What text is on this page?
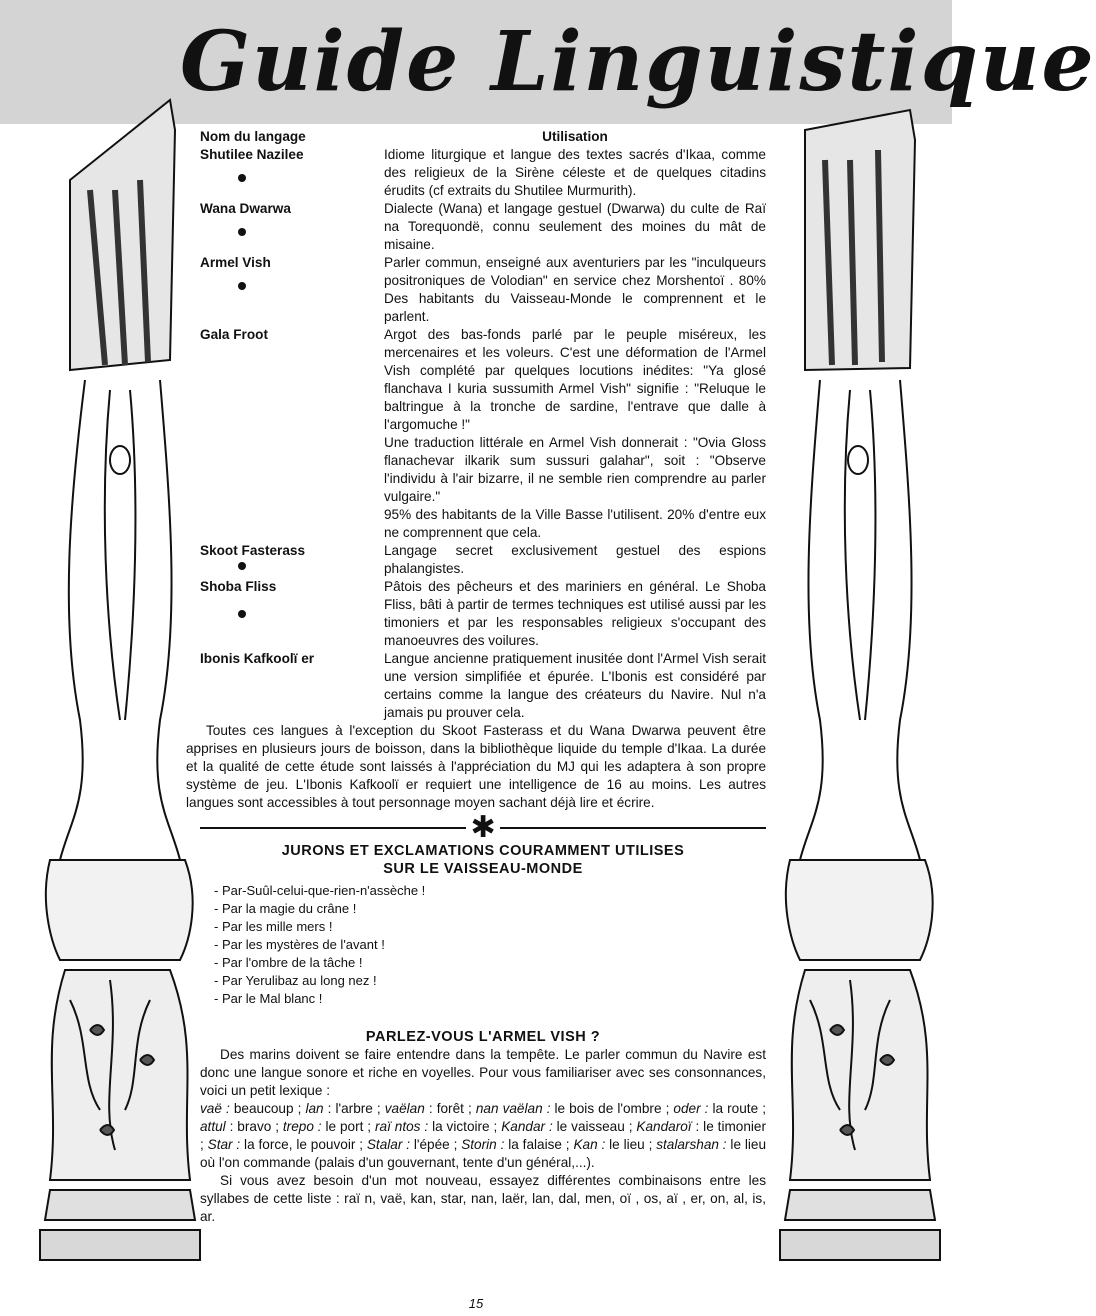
Guide Linguistique
Nom du langage	Utilisation
Shutilee Nazilee	Idiome liturgique et langue des textes sacrés d'Ikaa, comme des religieux de la Sirène céleste et de quelques citadins érudits (cf extraits du Shutilee Murmurith).
Wana Dwarwa	Dialecte (Wana) et langage gestuel (Dwarwa) du culte de Raï na Torequondë, connu seulement des moines du mât de misaine.
Armel Vish	Parler commun, enseigné aux aventuriers par les "inculqueurs positroniques de Volodian" en service chez Morshentoï . 80% Des habitants du Vaisseau-Monde le comprennent et le parlent.
Gala Froot	Argot des bas-fonds parlé par le peuple miséreux, les mercenaires et les voleurs. C'est une déformation de l'Armel Vish complété par quelques locutions inédites: "Ya glosé flanchava I kuria sussumith Armel Vish" signifie : "Reluque le baltringue à la tronche de sardine, l'entrave que dalle à l'argomuche !"
Une traduction littérale en Armel Vish donnerait : "Ovia Gloss flanachevar ilkarik sum sussuri galahar", soit : "Observe l'individu à l'air bizarre, il ne semble rien comprendre au parler vulgaire."
95% des habitants de la Ville Basse l'utilisent. 20% d'entre eux ne comprennent que cela.
Skoot Fasterass	Langage secret exclusivement gestuel des espions phalangistes.
Shoba Fliss	Pâtois des pêcheurs et des mariniers en général. Le Shoba Fliss, bâti à partir de termes techniques est utilisé aussi par les timoniers et par les responsables religieux s'occupant des manoeuvres des voilures.
Ibonis Kafkoolï er	Langue ancienne pratiquement inusitée dont l'Armel Vish serait une version simplifiée et épurée. L'Ibonis est considéré par certains comme la langue des créateurs du Navire. Nul n'a jamais pu prouver cela.

Toutes ces langues à l'exception du Skoot Fasterass et du Wana Dwarwa peuvent être apprises en plusieurs jours de boisson, dans la bibliothèque liquide du temple d'Ikaa. La durée et la qualité de cette étude sont laissés à l'appréciation du MJ qui les adaptera à son propre système de jeu. L'Ibonis Kafkoolï er requiert une intelligence de 16 au moins. Les autres langues sont accessibles à tout personnage moyen sachant déjà lire et écrire.

✱
JURONS ET EXCLAMATIONS COURAMMENT UTILISES
SUR LE VAISSEAU-MONDE
- Par-Suûl-celui-que-rien-n'assèche !
- Par la magie du crâne !
- Par les mille mers !
- Par les mystères de l'avant !
- Par l'ombre de la tâche !
- Par Yerulibaz au long nez !
- Par le Mal blanc !
PARLEZ-VOUS L'ARMEL VISH ?

Des marins doivent se faire entendre dans la tempête. Le parler commun du Navire est donc une langue sonore et riche en voyelles. Pour vous familiariser avec ses consonnances, voici un petit lexique :

vaë : beaucoup ; lan : l'arbre ; vaëlan : forêt ; nan vaëlan : le bois de l'ombre ; oder : la route ; attul : bravo ; trepo : le port ; raï ntos : la victoire ; Kandar : le vaisseau ; Kandaroï : le timonier ; Star : la force, le pouvoir ; Stalar : l'épée ; Storin : la falaise ; Kan : le lieu ; stalarshan : le lieu où l'on commande (palais d'un gouvernant, tente d'un général,...).

Si vous avez besoin d'un mot nouveau, essayez différentes combinaisons entre les syllabes de cette liste : raï n, vaë, kan, star, nan, laër, lan, dal, men, oï , os, aï , er, on, al, is, ar.

15
